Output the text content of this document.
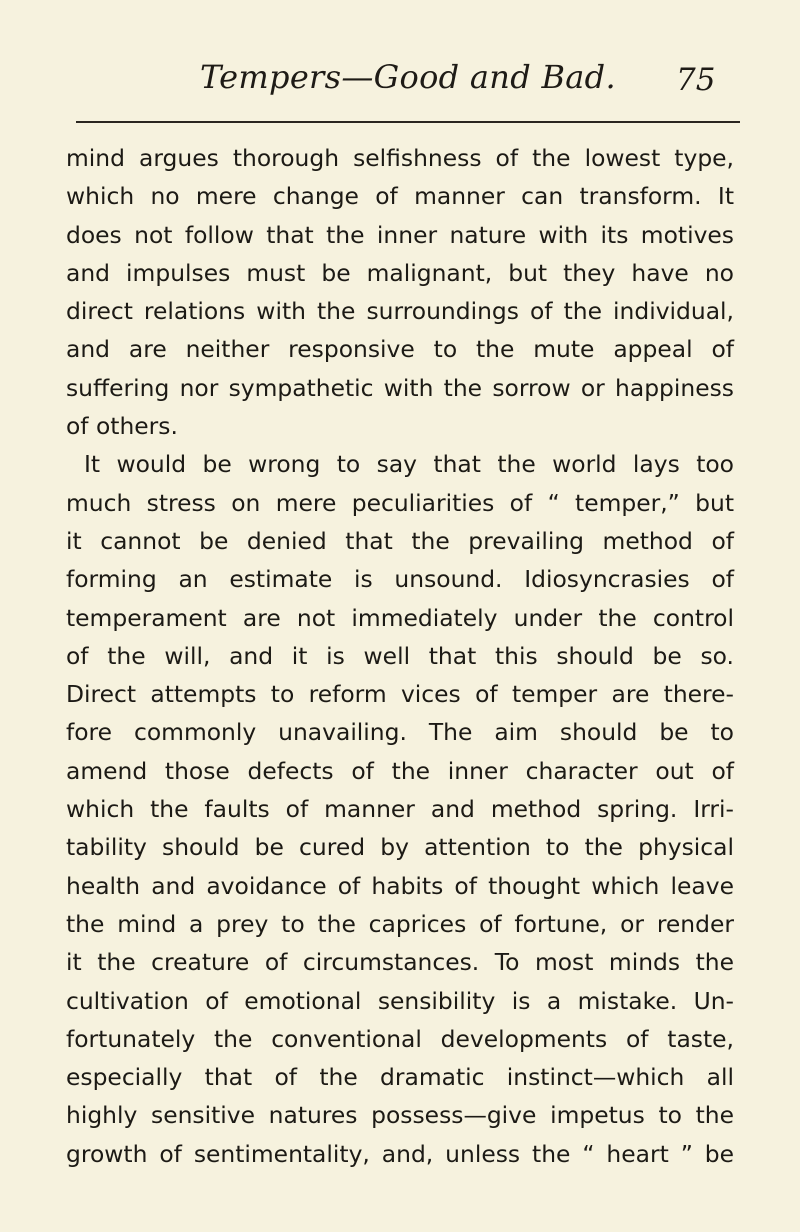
Tempers—Good and Bad. 75
mind argues thorough selfishness of the lowest type,
which no mere change of manner can transform. It
does not follow that the inner nature with its motives
and impulses must be malignant, but they have no
direct relations with the surroundings of the individual,
and are neither responsive to the mute appeal of
suffering nor sympathetic with the sorrow or happiness
of others.
It would be wrong to say that the world lays too
much stress on mere peculiarities of “ temper,” but
it cannot be denied that the prevailing method of
forming an estimate is unsound. Idiosyncrasies of
temperament are not immediately under the control
of the will, and it is well that this should be so.
Direct attempts to reform vices of temper are there-
fore commonly unavailing. The aim should be to
amend those defects of the inner character out of
which the faults of manner and method spring. Irri-
tability should be cured by attention to the physical
health and avoidance of habits of thought which leave
the mind a prey to the caprices of fortune, or render
it the creature of circumstances. To most minds the
cultivation of emotional sensibility is a mistake. Un-
fortunately the conventional developments of taste,
especially that of the dramatic instinct—which all
highly sensitive natures possess—give impetus to the
growth of sentimentality, and, unless the “ heart ” be
